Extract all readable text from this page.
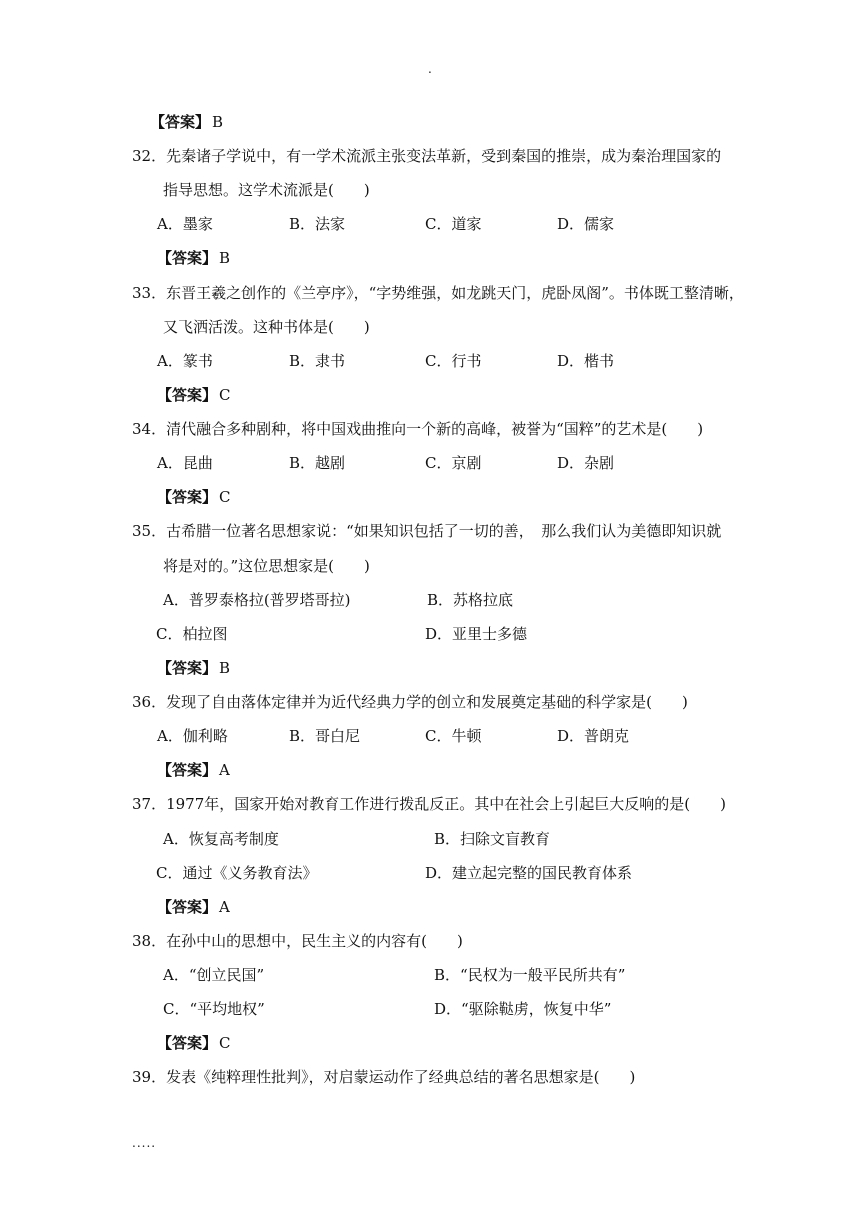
.
【答案】 B
32．先秦诸子学说中，有一学术流派主张变法革新，受到秦国的推崇，成为秦治理国家的
指导思想。这学术流派是(　　)
A．墨家	B．法家	C．道家	D．儒家
【答案】 B
33．东晋王羲之创作的《兰亭序》，“字势维强，如龙跳天门，虎卧凤阁”。书体既工整清晰，
又飞洒活泼。这种书体是(　　)
A．篆书	B．隶书	C．行书	D．楷书
【答案】 C
34．清代融合多种剧种，将中国戏曲推向一个新的高峰，被誉为“国粹”的艺术是(　　)
A．昆曲	B．越剧	C．京剧	D．杂剧
【答案】 C
35．古希腊一位著名思想家说：“如果知识包括了一切的善，　那么我们认为美德即知识就
将是对的。”这位思想家是(　　)
A．普罗泰格拉(普罗塔哥拉)	B．苏格拉底
C．柏拉图	D．亚里士多德
【答案】 B
36．发现了自由落体定律并为近代经典力学的创立和发展奠定基础的科学家是(　　)
A．伽利略	B．哥白尼	C．牛顿	D．普朗克
【答案】 A
37．1977年，国家开始对教育工作进行拨乱反正。其中在社会上引起巨大反响的是(　　)
A．恢复高考制度	B．扫除文盲教育
C．通过《义务教育法》	D．建立起完整的国民教育体系
【答案】 A
38．在孙中山的思想中，民生主义的内容有(　　)
A．“创立民国”	B．“民权为一般平民所共有”
C．“平均地权”	D．“驱除鞑虏，恢复中华”
【答案】 C
39．发表《纯粹理性批判》，对启蒙运动作了经典总结的著名思想家是(　　)
.....
